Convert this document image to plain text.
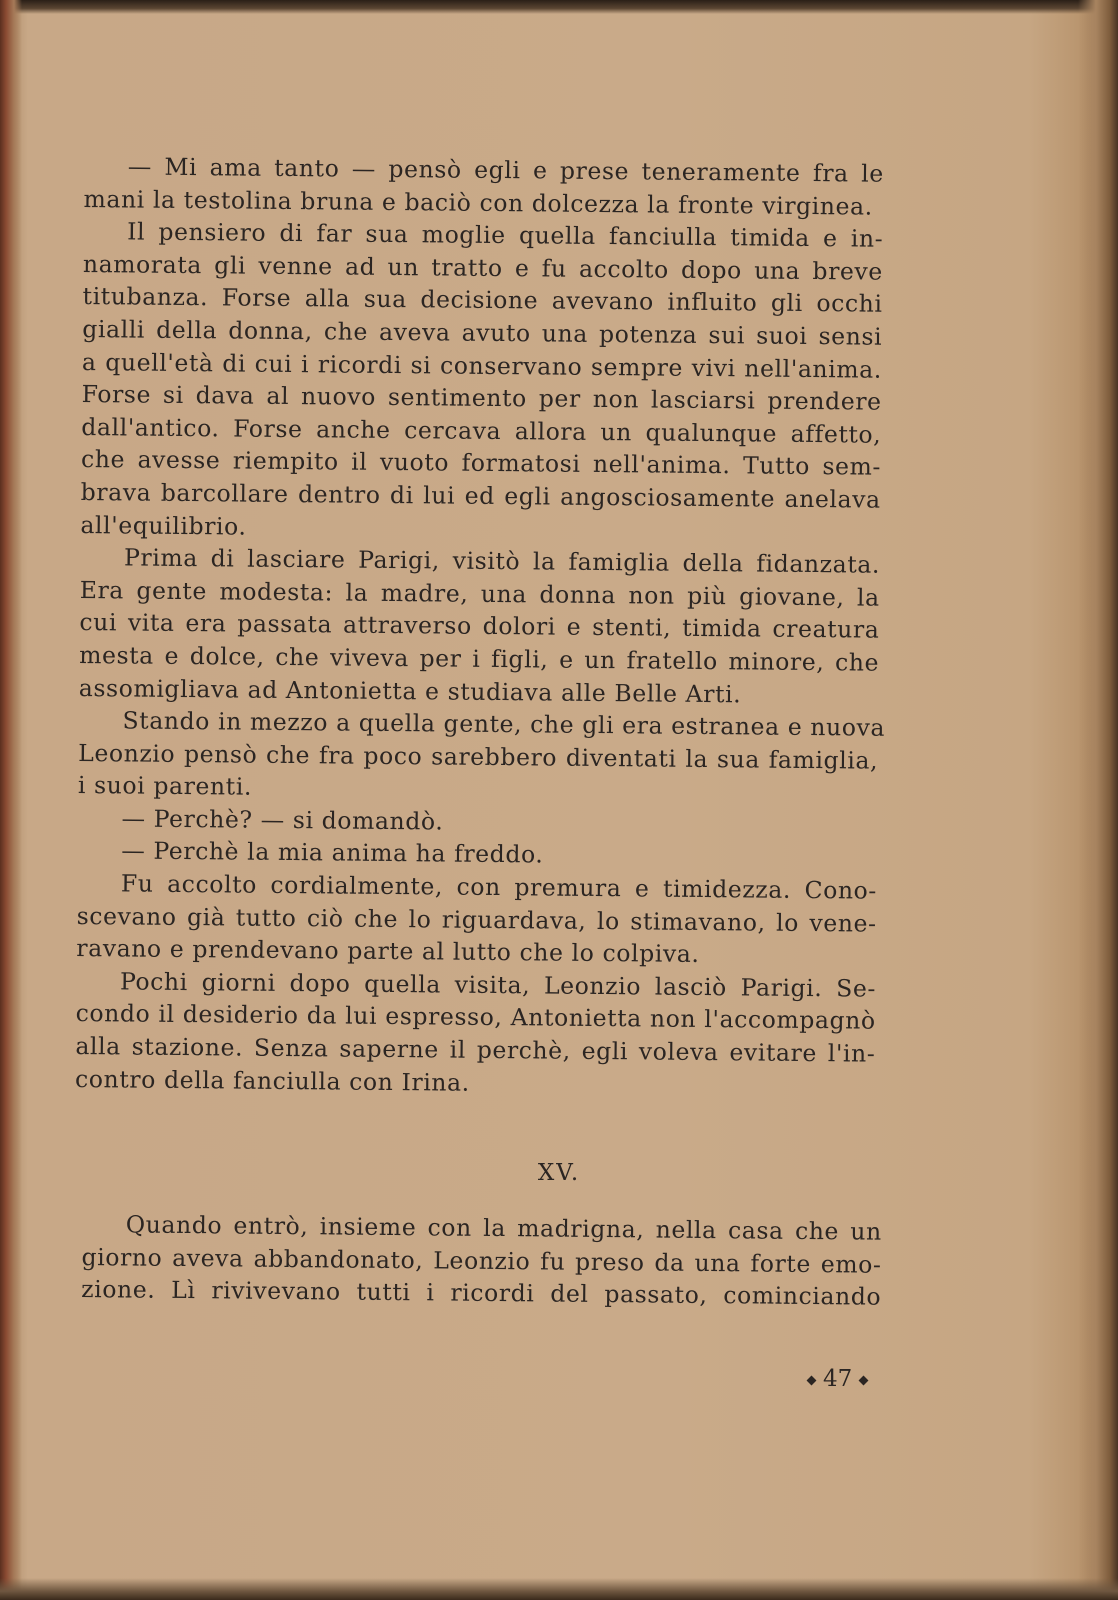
— Mi ama tanto — pensò egli e prese teneramente fra le
mani la testolina bruna e baciò con dolcezza la fronte virginea.
Il pensiero di far sua moglie quella fanciulla timida e in-
namorata gli venne ad un tratto e fu accolto dopo una breve
titubanza. Forse alla sua decisione avevano influito gli occhi
gialli della donna, che aveva avuto una potenza sui suoi sensi
a quell'età di cui i ricordi si conservano sempre vivi nell'anima.
Forse si dava al nuovo sentimento per non lasciarsi prendere
dall'antico. Forse anche cercava allora un qualunque affetto,
che avesse riempito il vuoto formatosi nell'anima. Tutto sem-
brava barcollare dentro di lui ed egli angosciosamente anelava
all'equilibrio.
Prima di lasciare Parigi, visitò la famiglia della fidanzata.
Era gente modesta: la madre, una donna non più giovane, la
cui vita era passata attraverso dolori e stenti, timida creatura
mesta e dolce, che viveva per i figli, e un fratello minore, che
assomigliava ad Antonietta e studiava alle Belle Arti.
Stando in mezzo a quella gente, che gli era estranea e nuova
Leonzio pensò che fra poco sarebbero diventati la sua famiglia,
i suoi parenti.
— Perchè? — si domandò.
— Perchè la mia anima ha freddo.
Fu accolto cordialmente, con premura e timidezza. Cono-
scevano già tutto ciò che lo riguardava, lo stimavano, lo vene-
ravano e prendevano parte al lutto che lo colpiva.
Pochi giorni dopo quella visita, Leonzio lasciò Parigi. Se-
condo il desiderio da lui espresso, Antonietta non l'accompagnò
alla stazione. Senza saperne il perchè, egli voleva evitare l'in-
contro della fanciulla con Irina.
XV.
Quando entrò, insieme con la madrigna, nella casa che un
giorno aveva abbandonato, Leonzio fu preso da una forte emo-
zione. Lì rivivevano tutti i ricordi del passato, cominciando
47
